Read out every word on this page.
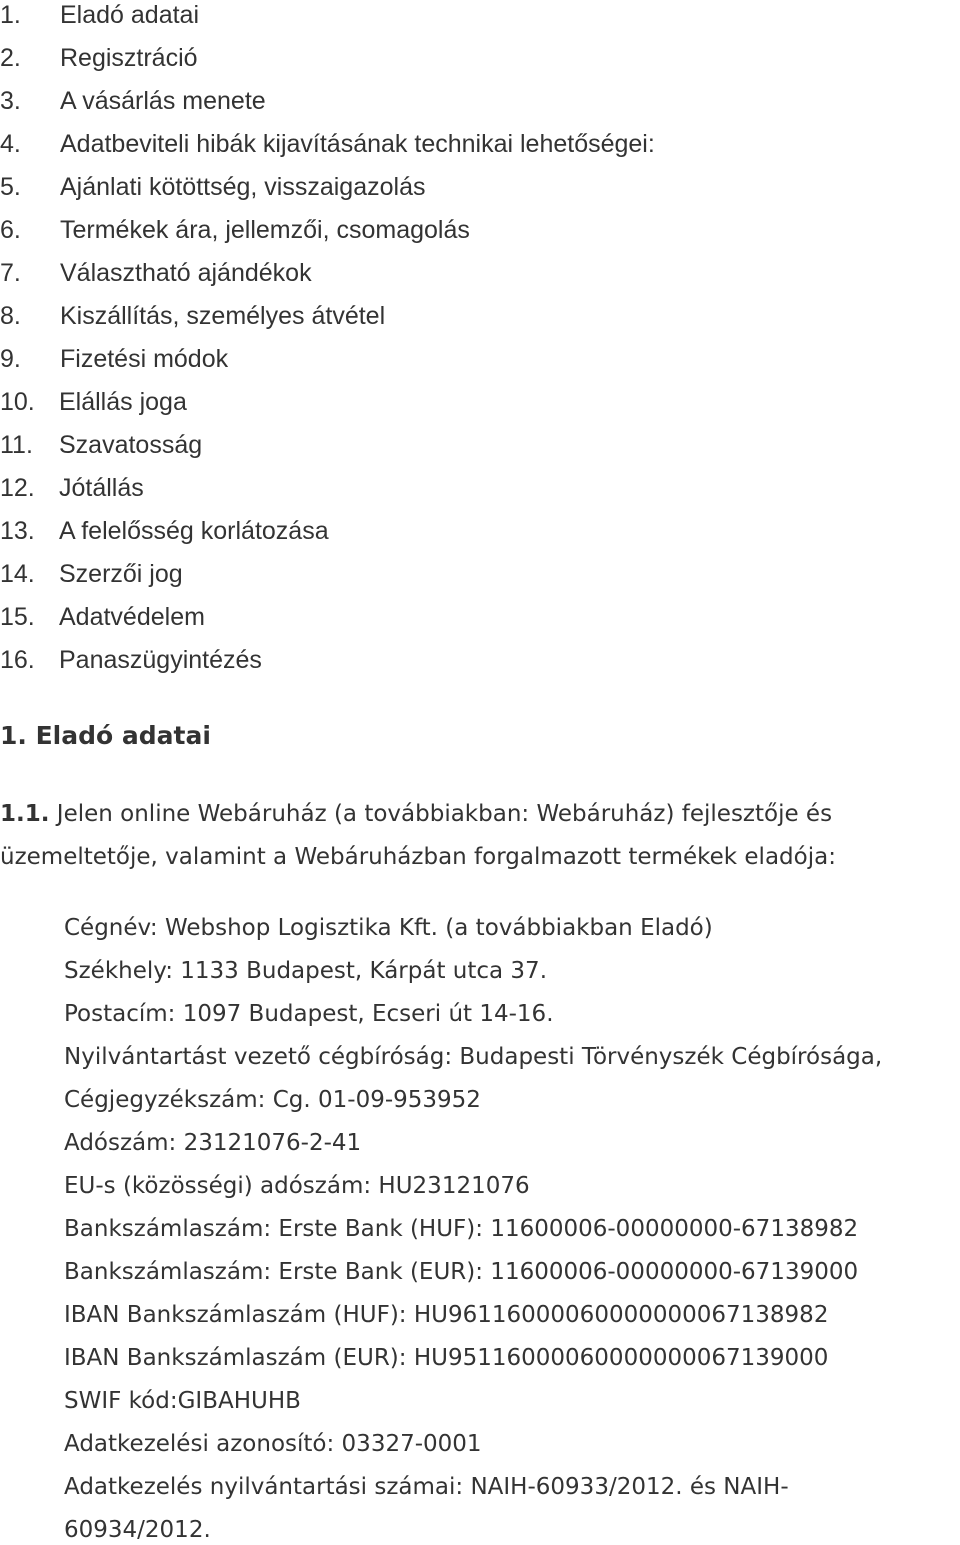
1. Eladó adatai
2. Regisztráció
3. A vásárlás menete
4. Adatbeviteli hibák kijavításának technikai lehetőségei:
5. Ajánlati kötöttség, visszaigazolás
6. Termékek ára, jellemzői, csomagolás
7. Választható ajándékok
8. Kiszállítás, személyes átvétel
9. Fizetési módok
10. Elállás joga
11. Szavatosság
12. Jótállás
13. A felelősség korlátozása
14. Szerzői jog
15. Adatvédelem
16. Panaszügyintézés
1. Eladó adatai

1.1. Jelen online Webáruház (a továbbiakban: Webáruház) fejlesztője és üzemeltetője, valamint a Webáruházban forgalmazott termékek eladója:

Cégnév: Webshop Logisztika Kft. (a továbbiakban Eladó)
Székhely: 1133 Budapest, Kárpát utca 37.
Postacím: 1097 Budapest, Ecseri út 14-16.
Nyilvántartást vezető cégbíróság: Budapesti Törvényszék Cégbírósága,
Cégjegyzékszám: Cg. 01-09-953952
Adószám: 23121076-2-41
EU-s (közösségi) adószám: HU23121076
Bankszámlaszám: Erste Bank (HUF): 11600006-00000000-67138982
Bankszámlaszám: Erste Bank (EUR): 11600006-00000000-67139000
IBAN Bankszámlaszám (HUF): HU96116000060000000067138982
IBAN Bankszámlaszám (EUR): HU95116000060000000067139000
SWIF kód:GIBAHUHB
Adatkezelési azonosító: 03327-0001
Adatkezelés nyilvántartási számai: NAIH-60933/2012. és NAIH-
60934/2012.
